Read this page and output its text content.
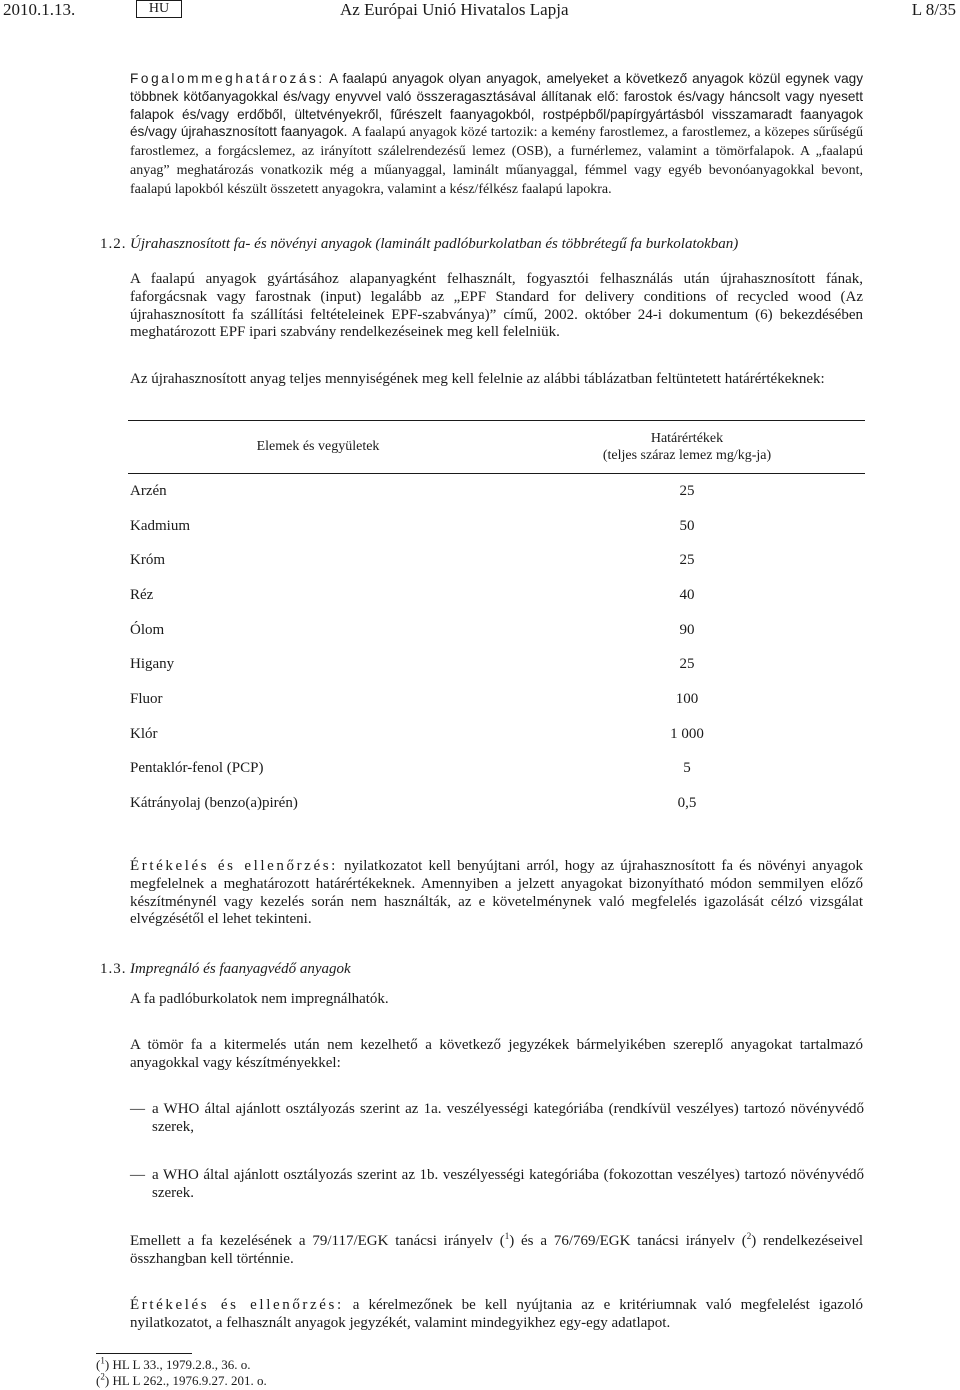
2010.1.13.	HU	Az Európai Unió Hivatalos Lapja	L 8/35
Fogalommeghatározás: A faalapú anyagok olyan anyagok, amelyeket a következő anyagok közül egynek vagy többnek kötőanyagokkal és/vagy enyvvel való összeragasztásával állítanak elő: farostok és/vagy háncsolt vagy nyesett falapok és/vagy erdőből, ültetvényekről, fűrészelt faanyagokból, rostpépből/papírgyártásból visszamaradt faanyagok és/vagy újrahasznosított faanyagok. A faalapú anyagok közé tartozik: a kemény farostlemez, a farostlemez, a közepes sűrűségű farostlemez, a forgácslemez, az irányított szálelrendezésű lemez (OSB), a furnérlemez, valamint a tömörfalapok. A „faalapú anyag” meghatározás vonatkozik még a műanyaggal, laminált műanyaggal, fémmel vagy egyéb bevonóanyagokkal bevont, faalapú lapokból készült összetett anyagokra, valamint a kész/félkész faalapú lapokra.
1.2. Újrahasznosított fa- és növényi anyagok (laminált padlóburkolatban és többrétegű fa burkolatokban)
A faalapú anyagok gyártásához alapanyagként felhasznált, fogyasztói felhasználás után újrahasznosított fának, faforgácsnak vagy farostnak (input) legalább az „EPF Standard for delivery conditions of recycled wood (Az újrahasznosított fa szállítási feltételeinek EPF-szabványa)” című, 2002. október 24-i dokumentum (6) bekezdésében meghatározott EPF ipari szabvány rendelkezéseinek meg kell felelniük.
Az újrahasznosított anyag teljes mennyiségének meg kell felelnie az alábbi táblázatban feltüntetett határértékeknek:
Elemek és vegyületek	Határértékek
(teljes száraz lemez mg/kg-ja)

Arzén	25
Kadmium	50
Króm	25
Réz	40
Ólom	90
Higany	25
Fluor	100
Klór	1 000
Pentaklór-fenol (PCP)	5
Kátrányolaj (benzo(a)pirén)	0,5
Értékelés és ellenőrzés: nyilatkozatot kell benyújtani arról, hogy az újrahasznosított fa és növényi anyagok megfelelnek a meghatározott határértékeknek. Amennyiben a jelzett anyagokat bizonyítható módon semmilyen előző készítménynél vagy kezelés során nem használták, az e követelménynek való megfelelés igazolását célzó vizsgálat elvégzésétől el lehet tekinteni.
1.3. Impregnáló és faanyagvédő anyagok
A fa padlóburkolatok nem impregnálhatók.
A tömör fa a kitermelés után nem kezelhető a következő jegyzékek bármelyikében szereplő anyagokat tartalmazó anyagokkal vagy készítményekkel:
— a WHO által ajánlott osztályozás szerint az 1a. veszélyességi kategóriába (rendkívül veszélyes) tartozó növényvédő szerek,
— a WHO által ajánlott osztályozás szerint az 1b. veszélyességi kategóriába (fokozottan veszélyes) tartozó növényvédő szerek.
Emellett a fa kezelésének a 79/117/EGK tanácsi irányelv ($^1$) és a 76/769/EGK tanácsi irányelv ($^2$) rendelkezéseivel összhangban kell történnie.
Értékelés és ellenőrzés: a kérelmezőnek be kell nyújtania az e kritériumnak való megfelelést igazoló nyilatkozatot, a felhasznált anyagok jegyzékét, valamint mindegyikhez egy-egy adatlapot.
($^1$) HL L 33., 1979.2.8., 36. o.
($^2$) HL L 262., 1976.9.27. 201. o.
